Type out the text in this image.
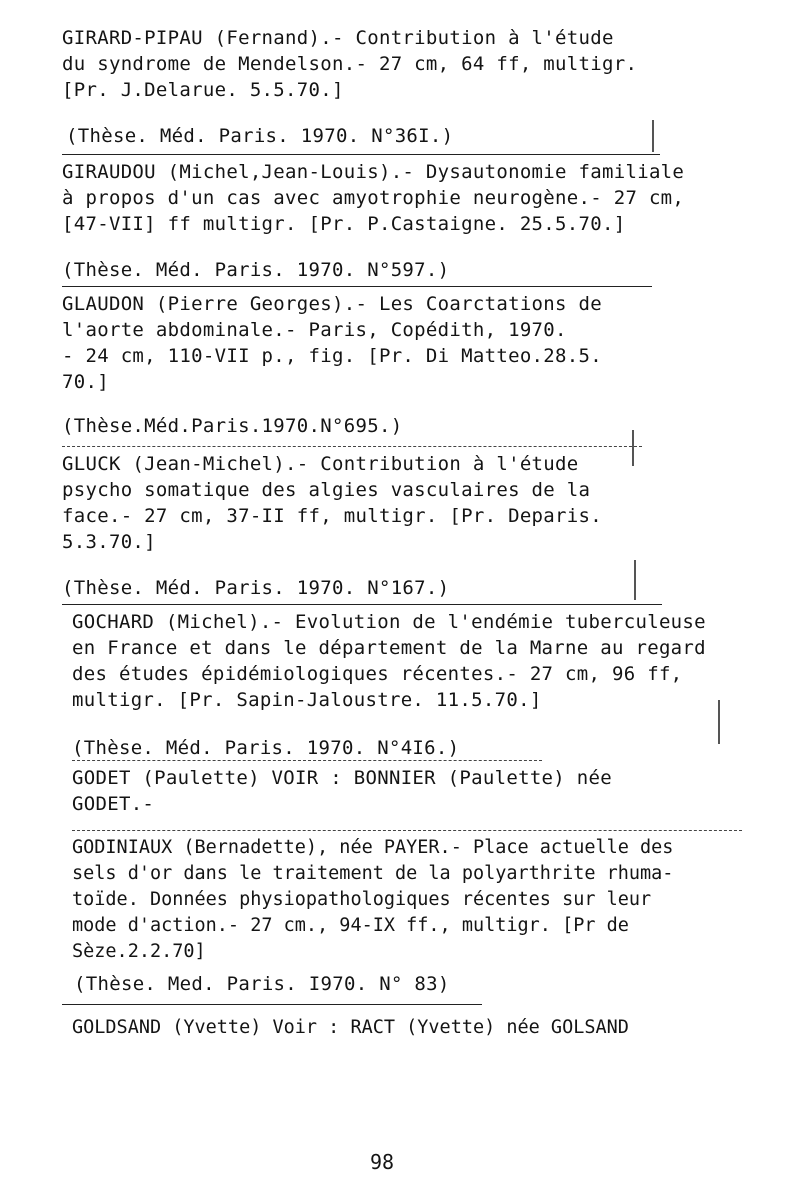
GIRARD-PIPAU (Fernand).- Contribution à l'étude
du syndrome de Mendelson.- 27 cm, 64 ff, multigr.
[Pr. J.Delarue. 5.5.70.]
(Thèse. Méd. Paris. 1970. N°36I.)
GIRAUDOU (Michel,Jean-Louis).- Dysautonomie familiale
à propos d'un cas avec amyotrophie neurogène.- 27 cm,
[47-VII] ff multigr. [Pr. P.Castaigne. 25.5.70.]
(Thèse. Méd. Paris. 1970. N°597.)
GLAUDON (Pierre Georges).- Les Coarctations de
l'aorte abdominale.- Paris, Copédith, 1970.
- 24 cm, 110-VII p., fig. [Pr. Di Matteo.28.5.
70.]
(Thèse.Méd.Paris.1970.N°695.)
GLUCK (Jean-Michel).- Contribution à l'étude
psycho somatique des algies vasculaires de la
face.- 27 cm, 37-II ff, multigr. [Pr. Deparis.
5.3.70.]
(Thèse. Méd. Paris. 1970. N°167.)
GOCHARD (Michel).- Evolution de l'endémie tuberculeuse
en France et dans le département de la Marne au regard
des études épidémiologiques récentes.- 27 cm, 96 ff,
multigr. [Pr. Sapin-Jaloustre. 11.5.70.]
(Thèse. Méd. Paris. 1970. N°4I6.)
GODET (Paulette) VOIR : BONNIER (Paulette) née
GODET.-
GODINIAUX (Bernadette), née PAYER.- Place actuelle des
sels d'or dans le traitement de la polyarthrite rhuma-
toïde. Données physiopathologiques récentes sur leur
mode d'action.- 27 cm., 94-IX ff., multigr. [Pr de
Sèze.2.2.70]
(Thèse. Med. Paris. I970. N° 83)
GOLDSAND (Yvette) Voir : RACT (Yvette) née GOLSAND
98
